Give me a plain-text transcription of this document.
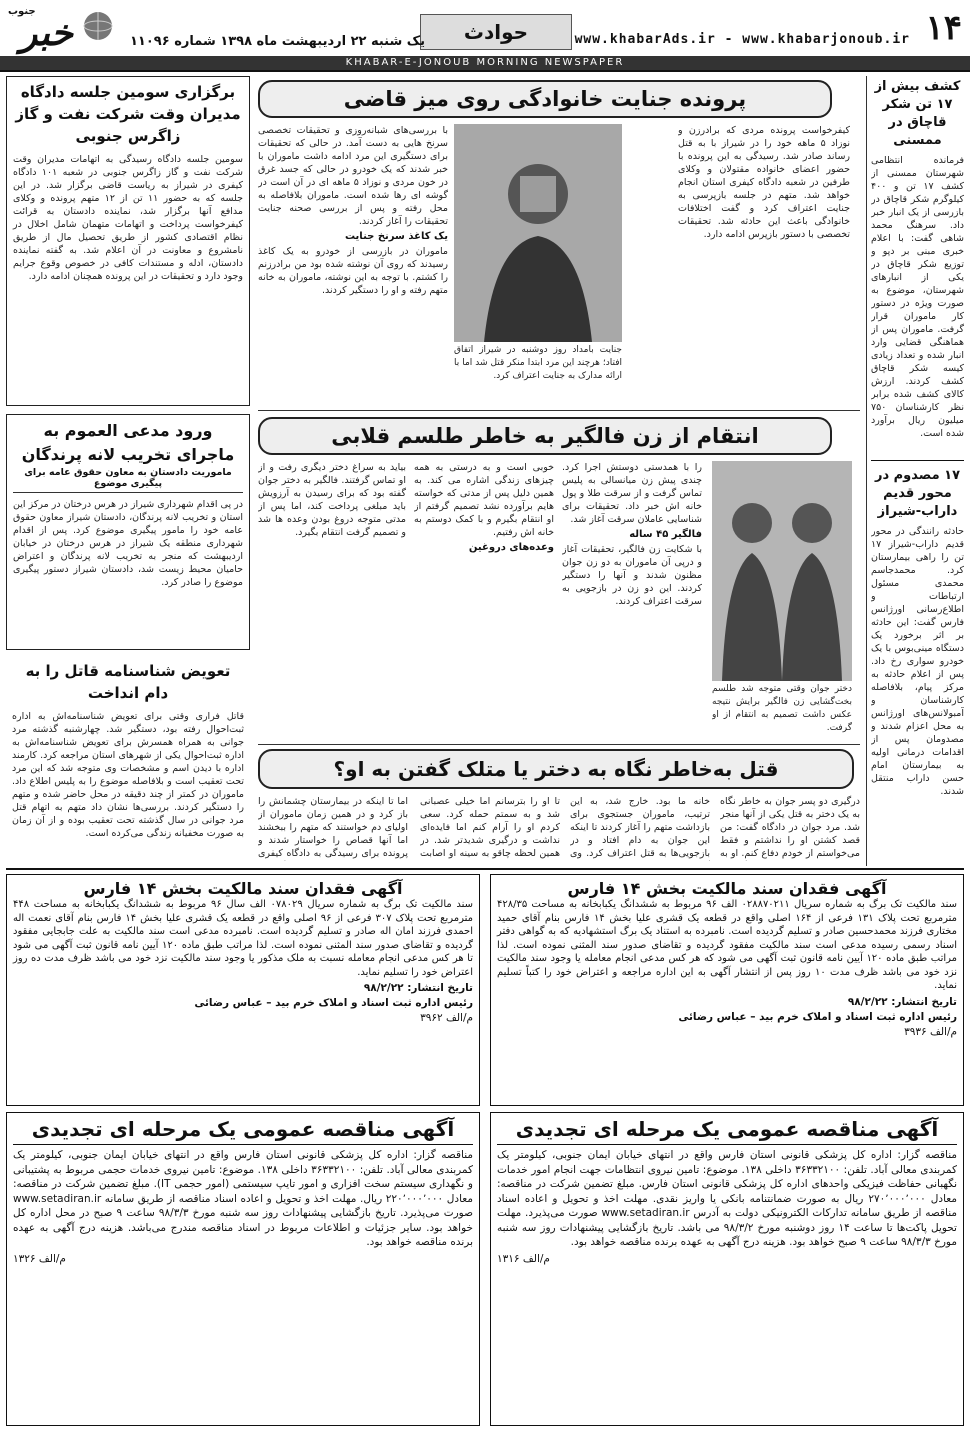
۱۴
www.khabarAds.ir - www.khabarjonoub.ir
حوادث
یک شنبه ۲۲ اردیبهشت ماه ۱۳۹۸ شماره ۱۱۰۹۶
خبر
جنوب
KHABAR-E-JONOUB MORNING NEWSPAPER
کشف بیش از ۱۷ تن شکر قاچاق در ممسنی
فرمانده انتظامی شهرستان ممسنی از کشف ۱۷ تن و ۴۰۰ کیلوگرم شکر قاچاق در بازرسی از یک انبار خبر داد. سرهنگ محمد شاهی گفت: با اعلام خبری مبنی بر دپو و توزیع شکر قاچاق در یکی از انبارهای شهرستان، موضوع به صورت ویژه در دستور کار ماموران قرار گرفت. ماموران پس از هماهنگی قضایی وارد انبار شده و تعداد زیادی کیسه شکر قاچاق کشف کردند. ارزش کالای کشف شده برابر نظر کارشناسان ۷۵۰ میلیون ریال برآورد شده است.
۱۷ مصدوم در محور قدیم داراب-شیراز
حادثه رانندگی در محور قدیم داراب-شیراز ۱۷ تن را راهی بیمارستان کرد. محمدجاسم محمدی مسئول ارتباطات و اطلاع‌رسانی اورژانس فارس گفت: این حادثه بر اثر برخورد یک دستگاه مینی‌بوس با یک خودرو سواری رخ داد. پس از اعلام حادثه به مرکز پیام، بلافاصله کارشناسان و آمبولانس‌های اورژانس به محل اعزام شدند و مصدومان پس از اقدامات درمانی اولیه به بیمارستان امام حسن داراب منتقل شدند.
پرونده جنایت خانوادگی روی میز قاضی
کیفرخواست پرونده مردی که برادرزن و نوزاد ۵ ماهه خود را در شیراز با به قتل رساند صادر شد. رسیدگی به این پرونده با حضور اعضای خانواده مقتولان و وکلای طرفین در شعبه دادگاه کیفری استان انجام خواهد شد. متهم در جلسه بازپرسی به جنایت اعتراف کرد و گفت اختلافات خانوادگی باعث این حادثه شد. تحقیقات تخصصی با دستور بازپرس ادامه دارد.
جنایت بامداد روز دوشنبه در شیراز اتفاق افتاد؛ هرچند این مرد ابتدا منکر قتل شد اما با ارائه مدارک به جنایت اعتراف کرد.
با بررسی‌های شبانه‌روزی و تحقیقات تخصصی سرنخ هایی به دست آمد. در حالی که تحقیقات برای دستگیری این مرد ادامه داشت ماموران با خبر شدند که یک خودرو در حالی که جسد غرق در خون مردی و نوزاد ۵ ماهه ای در آن است در گوشه ای رها شده است. ماموران بلافاصله به محل رفته و پس از بررسی صحنه جنایت تحقیقات را آغاز کردند.
یک کاغذ سرنخ جنایت
ماموران در بازرسی از خودرو به یک کاغذ رسیدند که روی آن نوشته شده بود من برادرزنم را کشتم. با توجه به این نوشته، ماموران به خانه متهم رفته و او را دستگیر کردند.
انتقام از زن فالگیر به خاطر طلسم قلابی
دختر جوان وقتی متوجه شد طلسم بخت‌گشایی زن فالگیر برایش نتیجه عکس داشت تصمیم به انتقام از او گرفت.
را با همدستی دوستش اجرا کرد. چندی پیش زن میانسالی به پلیس تماس گرفت و از سرقت طلا و پول خانه اش خبر داد. تحقیقات برای شناسایی عاملان سرقت آغاز شد.
فالگیر ۴۵ ساله
با شکایت زن فالگیر، تحقیقات آغاز و درپی آن ماموران به دو زن جوان مظنون شدند و آنها را دستگیر کردند. این دو زن در بازجویی به سرقت اعتراف کردند.
خوبی است و به درستی به همه چیزهای زندگی اشاره می کند. به همین دلیل پس از مدتی که خواسته هایم برآورده نشد تصمیم گرفتم از او انتقام بگیرم و با کمک دوستم به خانه اش رفتیم.
وعده‌های دروغین
بیاید به سراغ دختر دیگری رفت و از او تماس گرفتند. فالگیر به دختر جوان گفته بود که برای رسیدن به آرزویش باید مبلغی پرداخت کند، اما پس از مدتی متوجه دروغ بودن وعده ها شد و تصمیم گرفت انتقام بگیرد.
برگزاری سومین جلسه دادگاه مدیران وقت شرکت نفت و گاز زاگرس جنوبی
سومین جلسه دادگاه رسیدگی به اتهامات مدیران وقت شرکت نفت و گاز زاگرس جنوبی در شعبه ۱۰۱ دادگاه کیفری در شیراز به ریاست قاضی برگزار شد. در این جلسه که به حضور ۱۱ تن از ۱۲ متهم پرونده و وکلای مدافع آنها برگزار شد، نماینده دادستان به قرائت کیفرخواست پرداخت و اتهامات متهمان شامل اخلال در نظام اقتصادی کشور از طریق تحصیل مال از طریق نامشروع و معاونت در آن اعلام شد. به گفته نماینده دادستان، ادله و مستندات کافی در خصوص وقوع جرایم وجود دارد و تحقیقات در این پرونده همچنان ادامه دارد.
ورود مدعی العموم به ماجرای تخریب لانه پرندگان
ماموریت دادستان به معاون حقوق عامه برای پیگیری موضوع
در پی اقدام شهرداری شیراز در هرس درختان در مرکز این استان و تخریب لانه پرندگان، دادستان شیراز معاون حقوق عامه خود را مامور پیگیری موضوع کرد. پس از اقدام شهرداری منطقه یک شیراز در هرس درختان در خیابان اردیبهشت که منجر به تخریب لانه پرندگان و اعتراض حامیان محیط زیست شد، دادستان شیراز دستور پیگیری موضوع را صادر کرد.
تعویض شناسنامه قاتل را به دام انداخت
قاتل فراری وقتی برای تعویض شناسنامه‌اش به اداره ثبت‌احوال رفته بود، دستگیر شد. چهارشنبه گذشته مرد جوانی به همراه همسرش برای تعویض شناسنامه‌اش به اداره ثبت‌احوال یکی از شهرهای استان مراجعه کرد. کارمند اداره با دیدن اسم و مشخصات وی متوجه شد که این مرد تحت تعقیب است و بلافاصله موضوع را به پلیس اطلاع داد. ماموران در کمتر از چند دقیقه در محل حاضر شده و متهم را دستگیر کردند. بررسی‌ها نشان داد متهم به اتهام قتل مرد جوانی در سال گذشته تحت تعقیب بوده و از آن زمان به صورت مخفیانه زندگی می‌کرده است.
قتل به‌خاطر نگاه به دختر یا متلک گفتن به او؟
درگیری دو پسر جوان به خاطر نگاه به یک دختر به قتل یکی از آنها منجر شد. مرد جوان در دادگاه گفت: من قصد کشتن او را نداشتم و فقط می‌خواستم از خودم دفاع کنم. او به
خانه ما بود. خارج شد، به این ترتیب، ماموران جستجوی برای بازداشت متهم را آغاز کردند تا اینکه این جوان به دام افتاد و در بازجویی‌ها به قتل اعتراف کرد. وی
تا او را بترسانم اما خیلی عصبانی شد و به سمتم حمله کرد. سعی کردم او را آرام کنم اما فایده‌ای نداشت و درگیری شدیدتر شد. در همین لحظه چاقو به سینه او اصابت
اما تا اینکه در بیمارستان چشمانش را باز کرد و در همین زمان ماموران از اولیای دم خواستند که متهم را ببخشند اما آنها قصاص را خواستار شدند و پرونده برای رسیدگی به دادگاه کیفری
آگهی فقدان سند مالکیت بخش ۱۴ فارس
سند مالکیت تک برگ به شماره سریال ۰۲۸۸۷۰۲۱۱ الف ۹۶ مربوط به ششدانگ یکبابخانه به مساحت ۴۲۸/۳۵ مترمربع تحت پلاک ۱۳۱ فرعی از ۱۶۴ اصلی واقع در قطعه یک قشری علیا بخش ۱۴ فارس بنام آقای حمید مختاری فرزند محمدحسین صادر و تسلیم گردیده است. نامبرده به استناد یک برگ استشهادیه که به گواهی دفتر اسناد رسمی رسیده مدعی است سند مالکیت مفقود گردیده و تقاضای صدور سند المثنی نموده است. لذا مراتب طبق ماده ۱۲۰ آیین نامه قانون ثبت آگهی می شود که هر کس مدعی انجام معامله یا وجود سند مالکیت نزد خود می باشد ظرف مدت ۱۰ روز پس از انتشار آگهی به این اداره مراجعه و اعتراض خود را کتباً تسلیم نماید.
تاریخ انتشار: ۹۸/۲/۲۲
رئیس اداره ثبت اسناد و املاک خرم بید – عباس رضائی
م/الف ۳۹۳۶
آگهی فقدان سند مالکیت بخش ۱۴ فارس
سند مالکیت تک برگ به شماره سریال ۰۷۸۰۲۹ الف سال ۹۶ مربوط به ششدانگ یکبابخانه به مساحت ۴۴۸ مترمربع تحت پلاک ۳۰۷ فرعی از ۹۶ اصلی واقع در قطعه یک قشری علیا بخش ۱۴ فارس بنام آقای نعمت اله احمدی فرزند امان اله صادر و تسلیم گردیده است. نامبرده مدعی است سند مالکیت به علت جابجایی مفقود گردیده و تقاضای صدور سند المثنی نموده است. لذا مراتب طبق ماده ۱۲۰ آیین نامه قانون ثبت آگهی می شود تا هر کس مدعی انجام معامله نسبت به ملک مذکور یا وجود سند مالکیت نزد خود می باشد ظرف مدت ده روز اعتراض خود را تسلیم نماید.
تاریخ انتشار: ۹۸/۲/۲۲
رئیس اداره ثبت اسناد و املاک خرم بید – عباس رضائی
م/الف ۳۹۶۲
آگهی مناقصه عمومی یک مرحله ای تجدیدی
مناقصه گزار: اداره کل پزشکی قانونی استان فارس واقع در انتهای خیابان ایمان جنوبی، کیلومتر یک کمربندی معالی آباد. تلفن: ۳۶۳۳۲۱۰۰ داخلی ۱۳۸. موضوع: تامین نیروی انتظامات جهت انجام امور خدمات نگهبانی حفاظت فیزیکی واحدهای اداره کل پزشکی قانونی استان فارس. مبلغ تضمین شرکت در مناقصه: معادل ۲۷۰٬۰۰۰٬۰۰۰ ریال به صورت ضمانتنامه بانکی یا واریز نقدی. مهلت اخذ و تحویل و اعاده اسناد مناقصه از طریق سامانه تدارکات الکترونیکی دولت به آدرس www.setadiran.ir صورت می‌پذیرد. مهلت تحویل پاکت‌ها تا ساعت ۱۴ روز دوشنبه مورخ ۹۸/۳/۲ می باشد. تاریخ بازگشایی پیشنهادات روز سه شنبه مورخ ۹۸/۳/۳ ساعت ۹ صبح خواهد بود. هزینه درج آگهی به عهده برنده مناقصه خواهد بود.
م/الف ۱۳۱۶
آگهی مناقصه عمومی یک مرحله ای تجدیدی
مناقصه گزار: اداره کل پزشکی قانونی استان فارس واقع در انتهای خیابان ایمان جنوبی، کیلومتر یک کمربندی معالی آباد. تلفن: ۳۶۳۳۲۱۰۰ داخلی ۱۳۸. موضوع: تامین نیروی خدمات حجمی مربوط به پشتیبانی و نگهداری سیستم سخت افزاری و امور تایپ سیستمی (امور حجمی IT). مبلغ تضمین شرکت در مناقصه: معادل ۲۲۰٬۰۰۰٬۰۰۰ ریال. مهلت اخذ و تحویل و اعاده اسناد مناقصه از طریق سامانه www.setadiran.ir صورت می‌پذیرد. تاریخ بازگشایی پیشنهادات روز سه شنبه مورخ ۹۸/۳/۳ ساعت ۹ صبح در محل اداره کل خواهد بود. سایر جزئیات و اطلاعات مربوط در اسناد مناقصه مندرج می‌باشد. هزینه درج آگهی به عهده برنده مناقصه خواهد بود.
م/الف ۱۳۲۶
